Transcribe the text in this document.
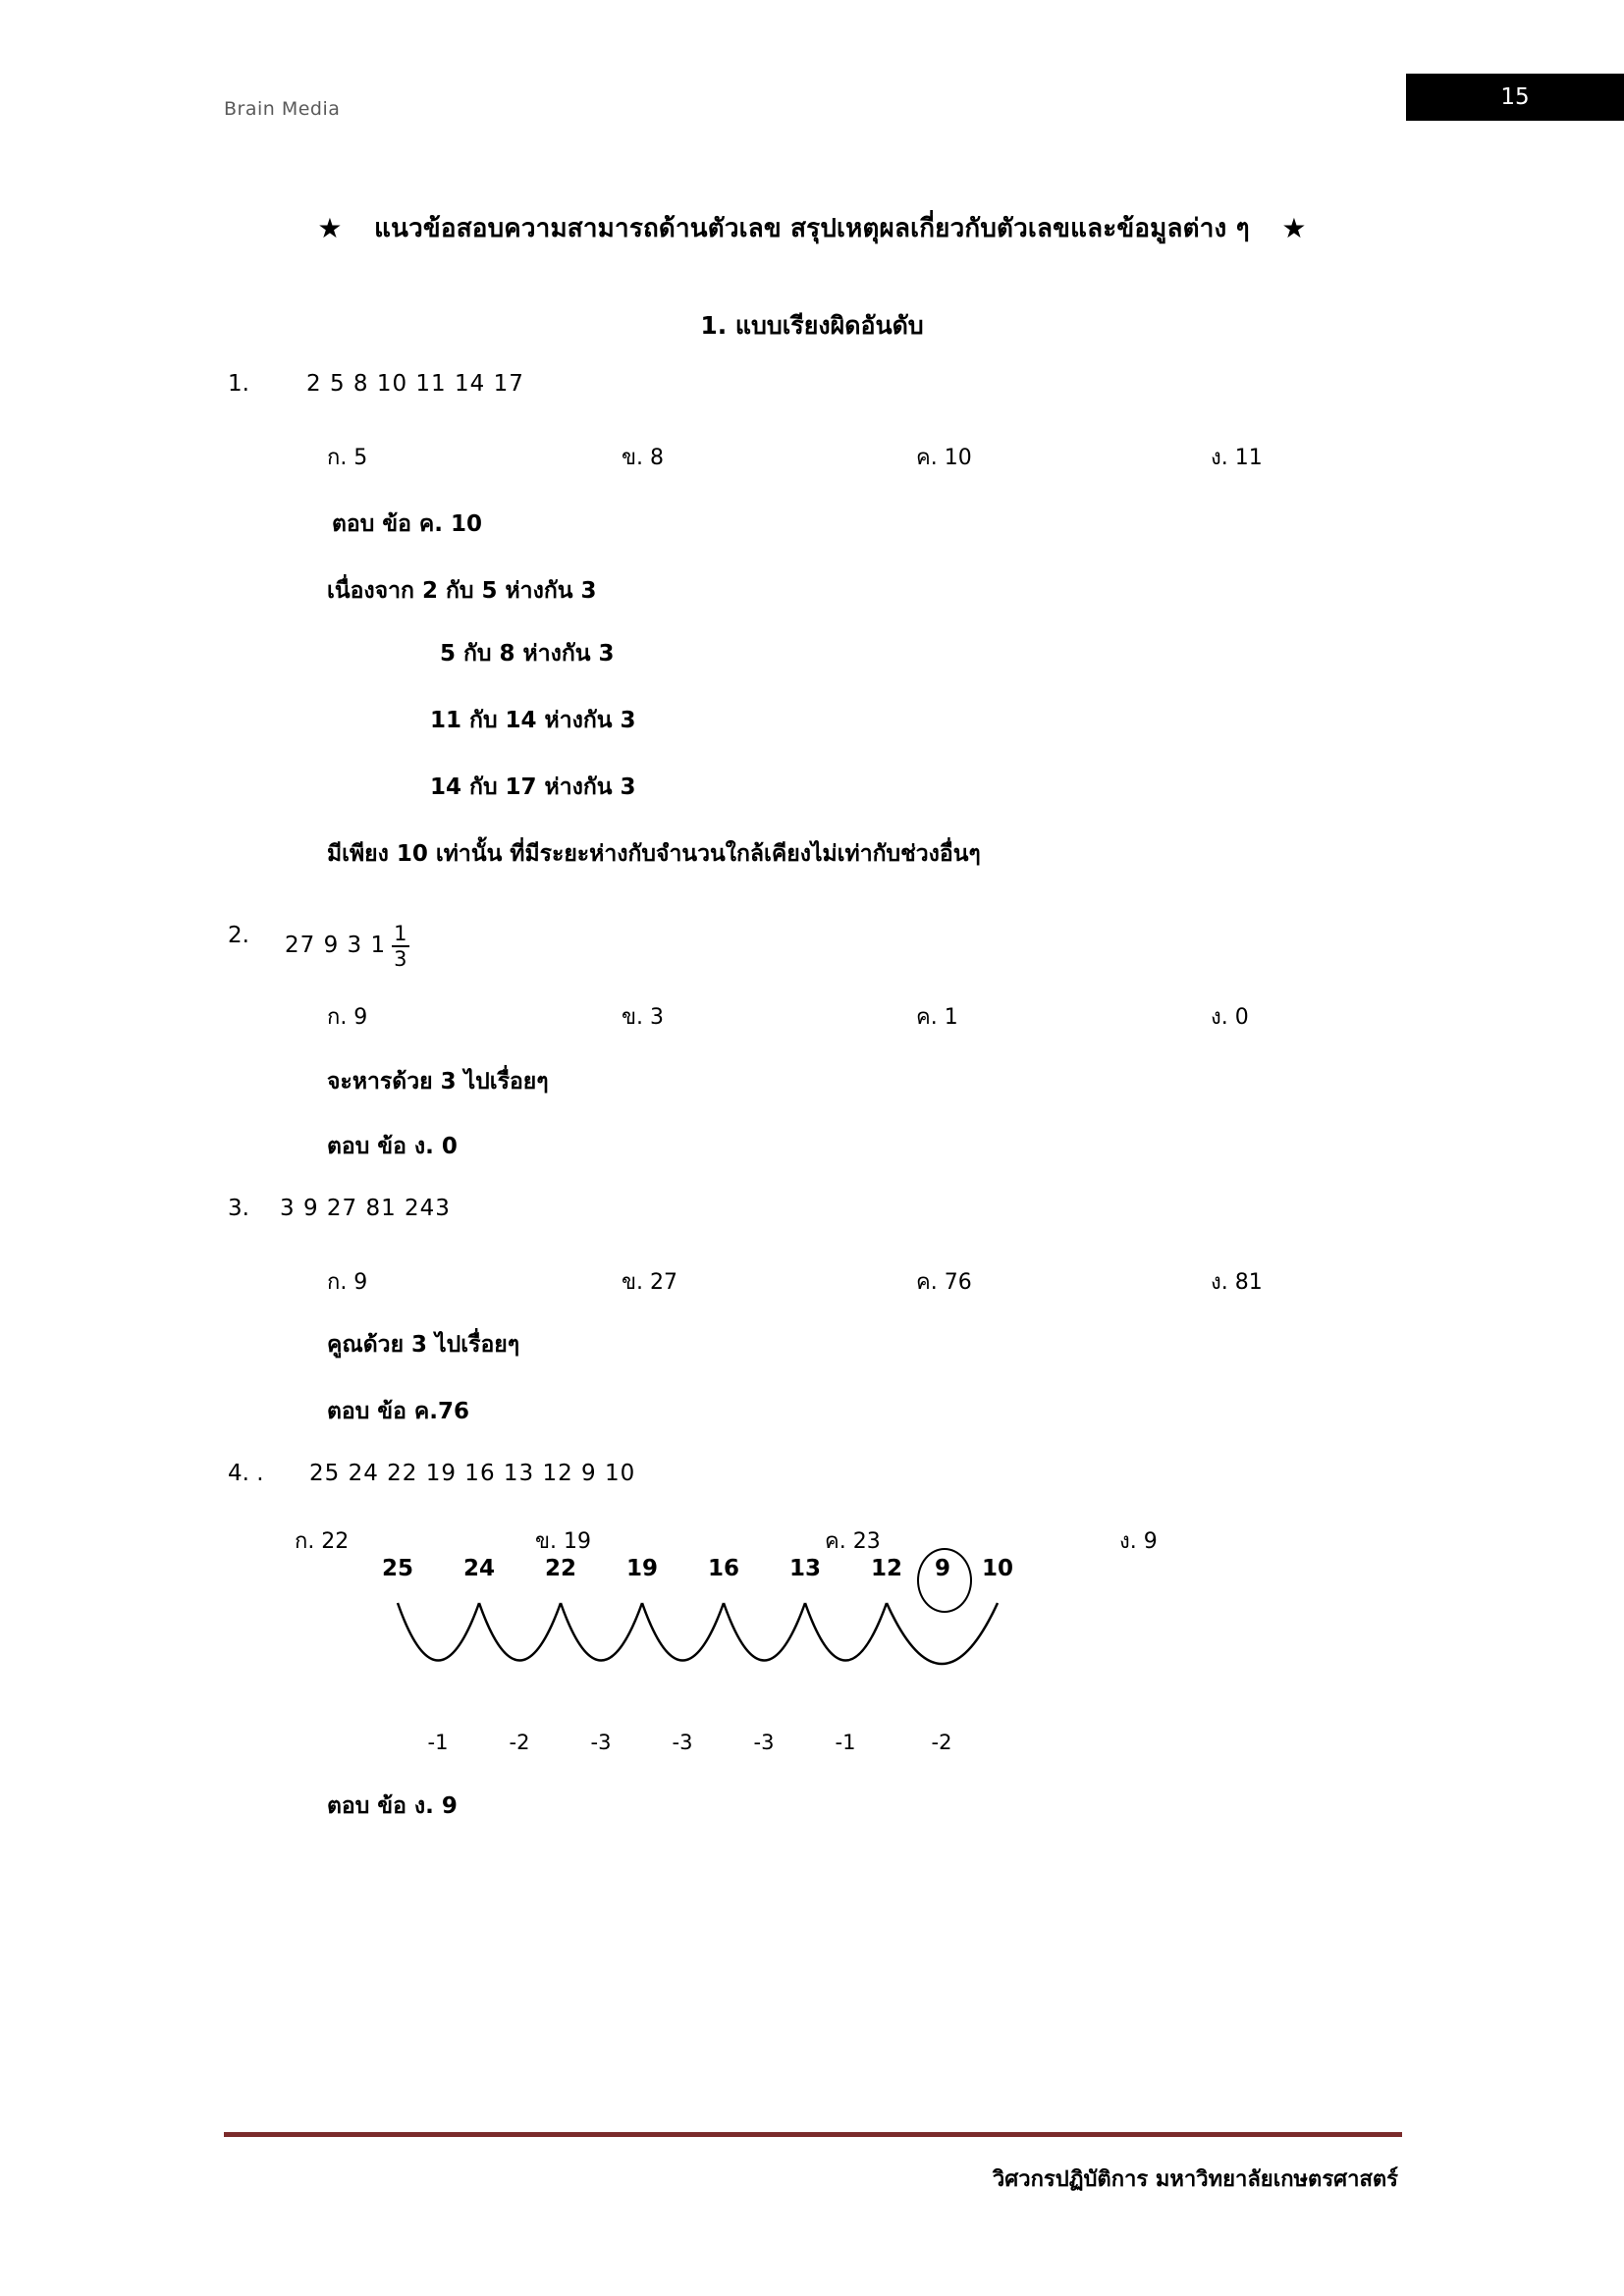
Brain Media	15
★ แนวข้อสอบความสามารถด้านตัวเลข สรุปเหตุผลเกี่ยวกับตัวเลขและข้อมูลต่าง ๆ ★
1. แบบเรียงผิดอันดับ
1.	2 5 8 10 11 14 17
ก. 5	ข. 8	ค. 10	ง. 11
ตอบ ข้อ ค. 10
เนื่องจาก 2 กับ 5 ห่างกัน 3
5 กับ 8 ห่างกัน 3
11 กับ 14 ห่างกัน 3
14 กับ 17 ห่างกัน 3
มีเพียง 10 เท่านั้น ที่มีระยะห่างกับจำนวนใกล้เคียงไม่เท่ากับช่วงอื่นๆ
2. 27 9 3 $1 \frac{1}{3}$
ก. 9	ข. 3	ค. 1	ง. 0
จะหารด้วย 3 ไปเรื่อยๆ
ตอบ ข้อ ง. 0
3. 3 9 27 81 243
ก. 9	ข. 27	ค. 76	ง. 81
คูณด้วย 3 ไปเรื่อยๆ
ตอบ ข้อ ค.76
4. . 25 24 22 19 16 13 12 9 10
ก. 22	ข. 19	ค. 23	ง. 9
25 24 22 19 16 13 12 9 10
-1	-2	-3	-3	-3	-1	-2
ตอบ ข้อ ง. 9
วิศวกรปฏิบัติการ มหาวิทยาลัยเกษตรศาสตร์
